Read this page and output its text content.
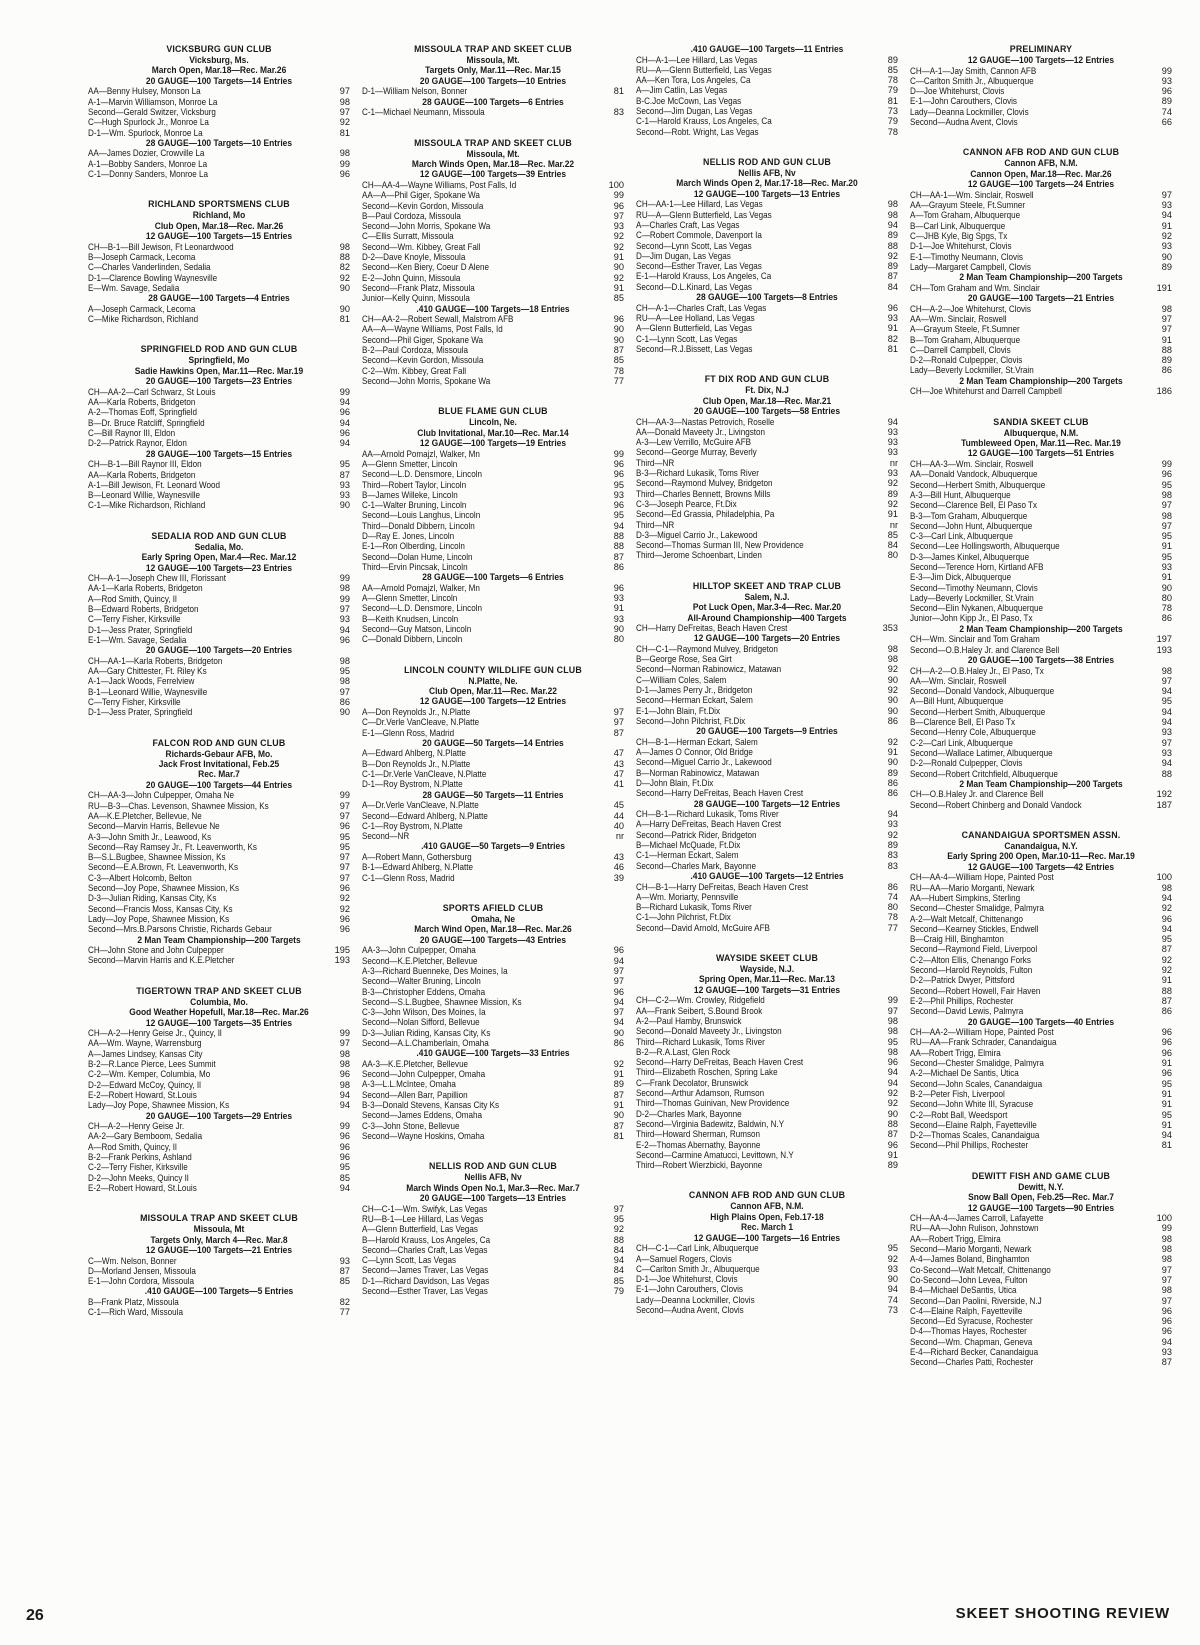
VICKSBURG GUN CLUB
Vicksburg, Ms.
March Open, Mar.18—Rec. Mar.26
20 GAUGE—100 Targets—14 Entries
AA—Benny Hulsey, Monson La	97
A-1—Marvin Williamson, Monroe La	98
Second—Gerald Switzer, Vicksburg	97
C—Hugh Spurlock Jr., Monroe La	92
D-1—Wm. Spurlock, Monroe La	81
28 GAUGE—100 Targets—10 Entries
AA—James Dozier, Crowville La	98
A-1—Bobby Sanders, Monroe La	99
C-1—Donny Sanders, Monroe La	96
RICHLAND SPORTSMENS CLUB
Richland, Mo
Club Open, Mar.18—Rec. Mar.26
12 GAUGE—100 Targets—15 Entries
CH—B-1—Bill Jewison, Ft Leonardwood	98
B—Joseph Carmack, Lecoma	88
C—Charles Vanderlinden, Sedalia	82
D-1—Clarence Bowling Waynesville	92
E—Wm. Savage, Sedalia	90
28 GAUGE—100 Targets—4 Entries
A—Joseph Carmack, Lecoma	90
C—Mike Richardson, Richland	81
SPRINGFIELD ROD AND GUN CLUB
Springfield, Mo
Sadie Hawkins Open, Mar.11—Rec. Mar.19
20 GAUGE—100 Targets—23 Entries
CH—AA-2—Carl Schwarz, St Louis	99
AA—Karla Roberts, Bridgeton	94
A-2—Thomas Eoff, Springfield	96
B—Dr. Bruce Ratcliff, Springfield	94
C—Bill Raynor III, Eldon	96
D-2—Patrick Raynor, Eldon	94
28 GAUGE—100 Targets—15 Entries
CH—B-1—Bill Raynor III, Eldon	95
AA—Karla Roberts, Bridgeton	87
A-1—Bill Jewison, Ft. Leonard Wood	93
B—Leonard Willie, Waynesville	93
C-1—Mike Richardson, Richland	90
SEDALIA ROD AND GUN CLUB
Sedalia, Mo.
Early Spring Open, Mar.4—Rec. Mar.12
12 GAUGE—100 Targets—23 Entries
CH—A-1—Joseph Chew III, Florissant	99
AA-1—Karla Roberts, Bridgeton	98
A—Rod Smith, Quincy, Il	99
B—Edward Roberts, Bridgeton	97
C—Terry Fisher, Kirksville	93
D-1—Jess Prater, Springfield	94
E-1—Wm. Savage, Sedalia	96
20 GAUGE—100 Targets—20 Entries
CH—AA-1—Karla Roberts, Bridgeton	98
AA—Gary Chittester, Ft. Riley Ks	95
A-1—Jack Woods, Ferrelview	98
B-1—Leonard Willie, Waynesville	97
C—Terry Fisher, Kirksville	86
D-1—Jess Prater, Springfield	90
FALCON ROD AND GUN CLUB
Richards-Gebaur AFB, Mo.
Jack Frost Invitational, Feb.25
Rec. Mar.7
20 GAUGE—100 Targets—44 Entries
CH—AA-3—John Culpepper, Omaha Ne	99
RU—B-3—Chas. Levenson, Shawnee Mission, Ks	97
AA—K.E.Pletcher, Bellevue, Ne	97
Second—Marvin Harris, Bellevue Ne	96
A-3—John Smith Jr., Leawood, Ks	95
Second—Ray Ramsey Jr., Ft. Leavenworth, Ks	95
B—S.L.Bugbee, Shawnee Mission, Ks	97
Second—E.A.Brown, Ft. Leavenworth, Ks	97
C-3—Albert Holcomb, Belton	97
Second—Joy Pope, Shawnee Mission, Ks	96
D-3—Julian Riding, Kansas City, Ks	92
Second—Francis Moss, Kansas City, Ks	92
Lady—Joy Pope, Shawnee Mission, Ks	96
Second—Mrs.B.Parsons Christie, Richards Gebaur	96
2 Man Team Championship—200 Targets
CH—John Stone and John Culpepper	195
Second—Marvin Harris and K.E.Pletcher	193
TIGERTOWN TRAP AND SKEET CLUB
Columbia, Mo.
Good Weather Hopefull, Mar.18—Rec. Mar.26
12 GAUGE—100 Targets—35 Entries
CH—A-2—Henry Geise Jr., Quincy, Il	99
AA—Wm. Wayne, Warrensburg	97
A—James Lindsey, Kansas City	98
B-2—R.Lance Pierce, Lees Summit	98
C-2—Wm. Kemper, Columbia, Mo	96
D-2—Edward McCoy, Quincy, Il	98
E-2—Robert Howard, St.Louis	94
Lady—Joy Pope, Shawnee Mission, Ks	94
20 GAUGE—100 Targets—29 Entries
CH—A-2—Henry Geise Jr.	99
AA-2—Gary Bemboom, Sedalia	96
A—Rod Smith, Quincy, Il	96
B-2—Frank Perkins, Ashland	96
C-2—Terry Fisher, Kirksville	95
D-2—John Meeks, Quincy Il	85
E-2—Robert Howard, St.Louis	94
MISSOULA TRAP AND SKEET CLUB
Missoula, Mt
Targets Only, March 4—Rec. Mar.8
12 GAUGE—100 Targets—21 Entries
C—Wm. Nelson, Bonner	93
D—Morland Jensen, Missoula	87
E-1—John Cordora, Missoula	85
.410 GAUGE—100 Targets—5 Entries
B—Frank Platz, Missoula	82
C-1—Rich Ward, Missoula	77
MISSOULA TRAP AND SKEET CLUB
Missoula, Mt.
Targets Only, Mar.11—Rec. Mar.15
20 GAUGE—100 Targets—10 Entries
D-1—William Nelson, Bonner	81
28 GAUGE—100 Targets—6 Entries
C-1—Michael Neumann, Missoula	83
MISSOULA TRAP AND SKEET CLUB
Missoula, Mt.
March Winds Open, Mar.18—Rec. Mar.22
12 GAUGE—100 Targets—39 Entries
CH—AA-4—Wayne Williams, Post Falls, Id	100
AA—A—Phil Giger, Spokane Wa	99
Second—Kevin Gordon, Missoula	96
B—Paul Cordoza, Missoula	97
Second—John Morris, Spokane Wa	93
C—Ellis Surratt, Missoula	92
Second—Wm. Kibbey, Great Fall	92
D-2—Dave Knoyle, Missoula	91
Second—Ken Biery, Coeur D Alene	90
E-2—John Quinn, Missoula	92
Second—Frank Platz, Missoula	91
Junior—Kelly Quinn, Missoula	85
.410 GAUGE—100 Targets—18 Entries
CH—AA-2—Robert Sewall, Malstrom AFB	96
AA—A—Wayne Williams, Post Falls, Id	90
Second—Phil Giger, Spokane Wa	90
B-2—Paul Cordoza, Missoula	87
Second—Kevin Gordon, Missoula	85
C-2—Wm. Kibbey, Great Fall	78
Second—John Morris, Spokane Wa	77
BLUE FLAME GUN CLUB
Lincoln, Ne.
Club Invitational, Mar.10—Rec. Mar.14
12 GAUGE—100 Targets—19 Entries
AA—Arnold Pomajzl, Walker, Mn	99
A—Glenn Smetter, Lincoln	96
Second—L.D. Densmore, Lincoln	96
Third—Robert Taylor, Lincoln	95
B—James Willeke, Lincoln	93
C-1—Walter Bruning, Lincoln	96
Second—Louis Langhus, Lincoln	95
Third—Donald Dibbern, Lincoln	94
D—Ray E. Jones, Lincoln	88
E-1—Ron Olberding, Lincoln	88
Second—Dolan Hume, Lincoln	87
Third—Ervin Pincsak, Lincoln	86
28 GAUGE—100 Targets—6 Entries
AA—Arnold Pomajzl, Walker, Mn	96
A—Glenn Smetter, Lincoln	93
Second—L.D. Densmore, Lincoln	91
B—Keith Knudsen, Lincoln	93
Second—Guy Matson, Lincoln	90
C—Donald Dibbern, Lincoln	80
LINCOLN COUNTY WILDLIFE GUN CLUB
N.Platte, Ne.
Club Open, Mar.11—Rec. Mar.22
12 GAUGE—100 Targets—12 Entries
A—Don Reynolds Jr., N.Platte	97
C—Dr.Verle VanCleave, N.Platte	97
E-1—Glenn Ross, Madrid	87
20 GAUGE—50 Targets—14 Entries
A—Edward Ahlberg, N.Platte	47
B—Don Reynolds Jr., N.Platte	43
C-1—Dr.Verle VanCleave, N.Platte	47
D-1—Roy Bystrom, N.Platte	41
28 GAUGE—50 Targets—11 Entries
A—Dr.Verle VanCleave, N.Platte	45
Second—Edward Ahlberg, N.Platte	44
C-1—Roy Bystrom, N.Platte	40
Second—NR	nr
.410 GAUGE—50 Targets—9 Entries
A—Robert Mann, Gothersburg	43
B-1—Edward Ahlberg, N.Platte	46
C-1—Glenn Ross, Madrid	39
SPORTS AFIELD CLUB
Omaha, Ne
March Wind Open, Mar.18—Rec. Mar.26
20 GAUGE—100 Targets—43 Entries
AA-3—John Culpepper, Omaha	96
Second—K.E.Pletcher, Bellevue	94
A-3—Richard Buenneke, Des Moines, Ia	97
Second—Walter Bruning, Lincoln	97
B-3—Christopher Eddens, Omaha	96
Second—S.L.Bugbee, Shawnee Mission, Ks	94
C-3—John Wilson, Des Moines, Ia	97
Second—Nolan Sifford, Bellevue	94
D-3—Julian Riding, Kansas City, Ks	90
Second—A.L.Chamberlain, Omaha	86
.410 GAUGE—100 Targets—33 Entries
AA-3—K.E.Pletcher, Bellevue	92
Second—John Culpepper, Omaha	91
A-3—L.L.McIntee, Omaha	89
Second—Allen Barr, Papillion	87
B-3—Donald Stevens, Kansas City Ks	91
Second—James Eddens, Omaha	90
C-3—John Stone, Bellevue	87
Second—Wayne Hoskins, Omaha	81
NELLIS ROD AND GUN CLUB
Nellis AFB, Nv
March Winds Open No.1, Mar.3—Rec. Mar.7
20 GAUGE—100 Targets—13 Entries
CH—C-1—Wm. Swifyk, Las Vegas	97
RU—B-1—Lee Hillard, Las Vegas	95
A—Glenn Butterfield, Las Vegas	92
B—Harold Krauss, Los Angeles, Ca	88
Second—Charles Craft, Las Vegas	84
C—Lynn Scott, Las Vegas	94
Second—James Traver, Las Vegas	84
D-1—Richard Davidson, Las Vegas	85
Second—Esther Traver, Las Vegas	79
.410 GAUGE—100 Targets—11 Entries
CH—A-1—Lee Hillard, Las Vegas	89
RU—A—Glenn Butterfield, Las Vegas	85
AA—Ken Tora, Los Angeles, Ca	78
A—Jim Catlin, Las Vegas	79
B-C.Joe McCown, Las Vegas	81
Second—Jim Dugan, Las Vegas	73
C-1—Harold Krauss, Los Angeles, Ca	79
Second—Robt. Wright, Las Vegas	78
NELLIS ROD AND GUN CLUB
Nellis AFB, Nv
March Winds Open 2, Mar.17-18—Rec. Mar.20
12 GAUGE—100 Targets—13 Entries
CH—AA-1—Lee Hillard, Las Vegas	98
RU—A—Glenn Butterfield, Las Vegas	98
A—Charles Craft, Las Vegas	94
C—Robert Commole, Davenport Ia	89
Second—Lynn Scott, Las Vegas	88
D—Jim Dugan, Las Vegas	92
Second—Esther Traver, Las Vegas	89
E-1—Harold Krauss, Los Angeles, Ca	87
Second—D.L.Kinard, Las Vegas	84
28 GAUGE—100 Targets—8 Entries
CH—A-1—Charles Craft, Las Vegas	96
RU—A—Lee Holland, Las Vegas	93
A—Glenn Butterfield, Las Vegas	91
C-1—Lynn Scott, Las Vegas	82
Second—R.J.Bissett, Las Vegas	81
FT DIX ROD AND GUN CLUB
Ft. Dix, N.J
Club Open, Mar.18—Rec. Mar.21
20 GAUGE—100 Targets—58 Entries
CH—AA-3—Nastas Petrovich, Roselle	94
AA—Donald Maveety Jr., Livingston	93
A-3—Lew Verrillo, McGuire AFB	93
Second—George Murray, Beverly	93
Third—NR	nr
B-3—Richard Lukasik, Toms River	93
Second—Raymond Mulvey, Bridgeton	92
Third—Charles Bennett, Browns Mills	89
C-3—Joseph Pearce, Ft.Dix	92
Second—Ed Grassia, Philadelphia, Pa	91
Third—NR	nr
D-3—Miguel Carrio Jr., Lakewood	85
Second—Thomas Surman III, New Providence	84
Third—Jerome Schoenbart, Linden	80
HILLTOP SKEET AND TRAP CLUB
Salem, N.J.
Pot Luck Open, Mar.3-4—Rec. Mar.20
All-Around Championship—400 Targets
CH—Harry DeFreitas, Beach Haven Crest	353
12 GAUGE—100 Targets—20 Entries
CH—C-1—Raymond Mulvey, Bridgeton	98
B—George Rose, Sea Girt	98
Second—Norman Rabinowicz, Matawan	92
C—William Coles, Salem	90
D-1—James Perry Jr., Bridgeton	92
Second—Herman Eckart, Salem	90
E-1—John Blain, Ft.Dix	90
Second—John Pilchrist, Ft.Dix	86
20 GAUGE—100 Targets—9 Entries
CH—B-1—Herman Eckart, Salem	92
A—James O Connor, Old Bridge	91
Second—Miguel Carrio Jr., Lakewood	90
B—Norman Rabinowicz, Matawan	89
D—John Blain, Ft.Dix	86
Second—Harry DeFreitas, Beach Haven Crest	86
28 GAUGE—100 Targets—12 Entries
CH—B-1—Richard Lukasik, Toms River	94
A—Harry DeFreitas, Beach Haven Crest	93
Second—Patrick Rider, Bridgeton	92
B—Michael McQuade, Ft.Dix	89
C-1—Herman Eckart, Salem	83
Second—Charles Mark, Bayonne	83
.410 GAUGE—100 Targets—12 Entries
CH—B-1—Harry DeFreitas, Beach Haven Crest	86
A—Wm. Moriarty, Pennsville	74
B—Richard Lukasik, Toms River	80
C-1—John Pilchrist, Ft.Dix	78
Second—David Arnold, McGuire AFB	77
WAYSIDE SKEET CLUB
Wayside, N.J.
Spring Open, Mar.11—Rec. Mar.13
12 GAUGE—100 Targets—31 Entries
CH—C-2—Wm. Crowley, Ridgefield	99
AA—Frank Seibert, S.Bound Brook	97
A-2—Paul Hamby, Brunswick	98
Second—Donald Maveety Jr., Livingston	98
Third—Richard Lukasik, Toms River	95
B-2—R.A.Last, Glen Rock	98
Second—Harry DeFreitas, Beach Haven Crest	96
Third—Elizabeth Roschen, Spring Lake	94
C—Frank Decolator, Brunswick	94
Second—Arthur Adamson, Rumson	92
Third—Thomas Guinivan, New Providence	92
D-2—Charles Mark, Bayonne	90
Second—Virginia Badewitz, Baldwin, N.Y	88
Third—Howard Sherman, Rumson	87
E-2—Thomas Abernathy, Bayonne	96
Second—Carmine Amatucci, Levittown, N.Y	91
Third—Robert Wierzbicki, Bayonne	89
CANNON AFB ROD AND GUN CLUB
Cannon AFB, N.M.
High Plains Open, Feb.17-18
Rec. March 1
12 GAUGE—100 Targets—16 Entries
CH—C-1—Carl Link, Albuquerque	95
A—Samuel Rogers, Clovis	92
C—Carlton Smith Jr., Albuquerque	93
D-1—Joe Whitehurst, Clovis	90
E-1—John Carouthers, Clovis	94
Lady—Deanna Lockmiller, Clovis	74
Second—Audna Avent, Clovis	73
PRELIMINARY
12 GAUGE—100 Targets—12 Entries
CH—A-1—Jay Smith, Cannon AFB	99
C—Carlton Smith Jr., Albuquerque	93
D—Joe Whitehurst, Clovis	96
E-1—John Carouthers, Clovis	89
Lady—Deanna Lockmiller, Clovis	74
Second—Audna Avent, Clovis	66
CANNON AFB ROD AND GUN CLUB
Cannon AFB, N.M.
Cannon Open, Mar.18—Rec. Mar.26
12 GAUGE—100 Targets—24 Entries
CH—AA-1—Wm. Sinclair, Roswell	97
AA—Grayum Steele, Ft.Sumner	93
A—Tom Graham, Albuquerque	94
B—Carl Link, Albuquerque	91
C—JHB Kyle, Big Spgs, Tx	92
D-1—Joe Whitehurst, Clovis	93
E-1—Timothy Neumann, Clovis	90
Lady—Margaret Campbell, Clovis	89
2 Man Team Championship—200 Targets
CH—Tom Graham and Wm. Sinclair	191
20 GAUGE—100 Targets—21 Entries
CH—A-2—Joe Whitehurst, Clovis	98
AA—Wm. Sinclair, Roswell	97
A—Grayum Steele, Ft.Sumner	97
B—Tom Graham, Albuquerque	91
C—Darrell Campbell, Clovis	88
D-2—Ronald Culpepper, Clovis	89
Lady—Beverly Lockmiller, St.Vrain	86
2 Man Team Championship—200 Targets
CH—Joe Whitehurst and Darrell Campbell	186
SANDIA SKEET CLUB
Albuquerque, N.M.
Tumbleweed Open, Mar.11—Rec. Mar.19
12 GAUGE—100 Targets—51 Entries
CH—AA-3—Wm. Sinclair, Roswell	99
AA—Donald Vandock, Albuquerque	96
Second—Herbert Smith, Albuquerque	95
A-3—Bill Hunt, Albuquerque	98
Second—Clarence Bell, El Paso Tx	97
B-3—Tom Graham, Albuquerque	98
Second—John Hunt, Albuquerque	97
C-3—Carl Link, Albuquerque	95
Second—Lee Hollingsworth, Albuquerque	91
D-3—James Kinkel, Albuquerque	95
Second—Terence Horn, Kirtland AFB	93
E-3—Jim Dick, Albuquerque	91
Second—Timothy Neumann, Clovis	90
Lady—Beverly Lockmiller, St.Vrain	80
Second—Elin Nykanen, Albuquerque	78
Junior—John Kipp Jr., El Paso, Tx	86
2 Man Team Championship—200 Targets
CH—Wm. Sinclair and Tom Graham	197
Second—O.B.Haley Jr. and Clarence Bell	193
20 GAUGE—100 Targets—38 Entries
CH—A-2—O.B.Haley Jr., El Paso, Tx	98
AA—Wm. Sinclair, Roswell	97
Second—Donald Vandock, Albuquerque	94
A—Bill Hunt, Albuquerque	95
Second—Herbert Smith, Albuquerque	94
B—Clarence Bell, El Paso Tx	94
Second—Henry Cole, Albuquerque	93
C-2—Carl Link, Albuquerque	97
Second—Wallace Latimer, Albuquerque	93
D-2—Ronald Culpepper, Clovis	94
Second—Robert Critchfield, Albuquerque	88
2 Man Team Championship—200 Targets
CH—O.B.Haley Jr. and Clarence Bell	192
Second—Robert Chinberg and Donald Vandock	187
CANANDAIGUA SPORTSMEN ASSN.
Canandaigua, N.Y.
Early Spring 200 Open, Mar.10-11—Rec. Mar.19
12 GAUGE—100 Targets—42 Entries
CH—AA-4—William Hope, Painted Post	100
RU—AA—Mario Morganti, Newark	98
AA—Hubert Simpkins, Sterling	94
Second—Chester Smalidge, Palmyra	92
A-2—Walt Metcalf, Chittenango	96
Second—Kearney Stickles, Endwell	94
B—Craig Hill, Binghamton	95
Second—Raymond Field, Liverpool	87
C-2—Alton Ellis, Chenango Forks	92
Second—Harold Reynolds, Fulton	92
D-2—Patrick Dwyer, Pittsford	91
Second—Robert Howell, Fair Haven	88
E-2—Phil Phillips, Rochester	87
Second—David Lewis, Palmyra	86
20 GAUGE—100 Targets—40 Entries
CH—AA-2—William Hope, Painted Post	96
RU—AA—Frank Schrader, Canandaigua	96
AA—Robert Trigg, Elmira	96
Second—Chester Smalidge, Palmyra	91
A-2—Michael De Santis, Utica	96
Second—John Scales, Canandaigua	95
B-2—Peter Fish, Liverpool	91
Second—John White III, Syracuse	91
C-2—Robt Ball, Weedsport	95
Second—Elaine Ralph, Fayetteville	91
D-2—Thomas Scales, Canandaigua	94
Second—Phil Phillips, Rochester	81
DEWITT FISH AND GAME CLUB
Dewitt, N.Y.
Snow Ball Open, Feb.25—Rec. Mar.7
12 GAUGE—100 Targets—90 Entries
CH—AA-4—James Carroll, Lafayette	100
RU—AA—John Rulison, Johnstown	99
AA—Robert Trigg, Elmira	98
Second—Mario Morganti, Newark	98
A-4—James Boland, Binghamton	98
Co-Second—Walt Metcalf, Chittenango	97
Co-Second—John Levea, Fulton	97
B-4—Michael DeSantis, Utica	98
Second—Dan Paolini, Riverside, N.J	97
C-4—Elaine Ralph, Fayetteville	96
Second—Ed Syracuse, Rochester	96
D-4—Thomas Hayes, Rochester	96
Second—Wm. Chapman, Geneva	94
E-4—Richard Becker, Canandaigua	93
Second—Charles Patti, Rochester	87
26	SKEET SHOOTING REVIEW
